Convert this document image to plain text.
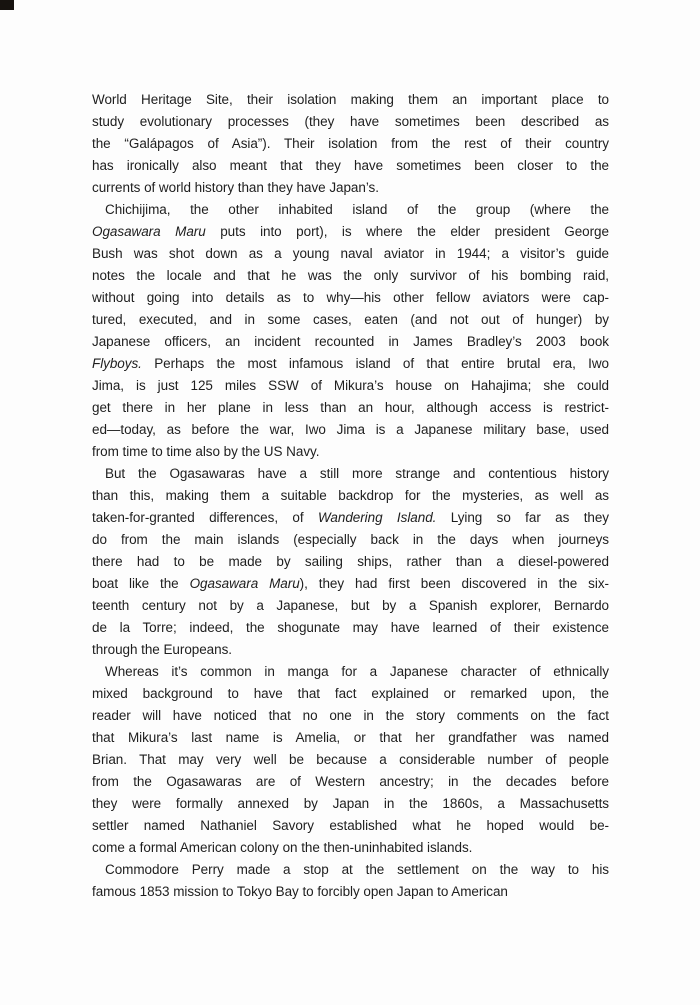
World Heritage Site, their isolation making them an important place to
study evolutionary processes (they have sometimes been described as
the “Galápagos of Asia”). Their isolation from the rest of their country
has ironically also meant that they have sometimes been closer to the
currents of world history than they have Japan’s.
Chichijima, the other inhabited island of the group (where the
Ogasawara Maru puts into port), is where the elder president George
Bush was shot down as a young naval aviator in 1944; a visitor’s guide
notes the locale and that he was the only survivor of his bombing raid,
without going into details as to why—his other fellow aviators were cap-
tured, executed, and in some cases, eaten (and not out of hunger) by
Japanese officers, an incident recounted in James Bradley’s 2003 book
Flyboys. Perhaps the most infamous island of that entire brutal era, Iwo
Jima, is just 125 miles SSW of Mikura’s house on Hahajima; she could
get there in her plane in less than an hour, although access is restrict-
ed—today, as before the war, Iwo Jima is a Japanese military base, used
from time to time also by the US Navy.
But the Ogasawaras have a still more strange and contentious history
than this, making them a suitable backdrop for the mysteries, as well as
taken-for-granted differences, of Wandering Island. Lying so far as they
do from the main islands (especially back in the days when journeys
there had to be made by sailing ships, rather than a diesel-powered
boat like the Ogasawara Maru), they had first been discovered in the six-
teenth century not by a Japanese, but by a Spanish explorer, Bernardo
de la Torre; indeed, the shogunate may have learned of their existence
through the Europeans.
Whereas it’s common in manga for a Japanese character of ethnically
mixed background to have that fact explained or remarked upon, the
reader will have noticed that no one in the story comments on the fact
that Mikura’s last name is Amelia, or that her grandfather was named
Brian. That may very well be because a considerable number of people
from the Ogasawaras are of Western ancestry; in the decades before
they were formally annexed by Japan in the 1860s, a Massachusetts
settler named Nathaniel Savory established what he hoped would be-
come a formal American colony on the then-uninhabited islands.
Commodore Perry made a stop at the settlement on the way to his
famous 1853 mission to Tokyo Bay to forcibly open Japan to American
